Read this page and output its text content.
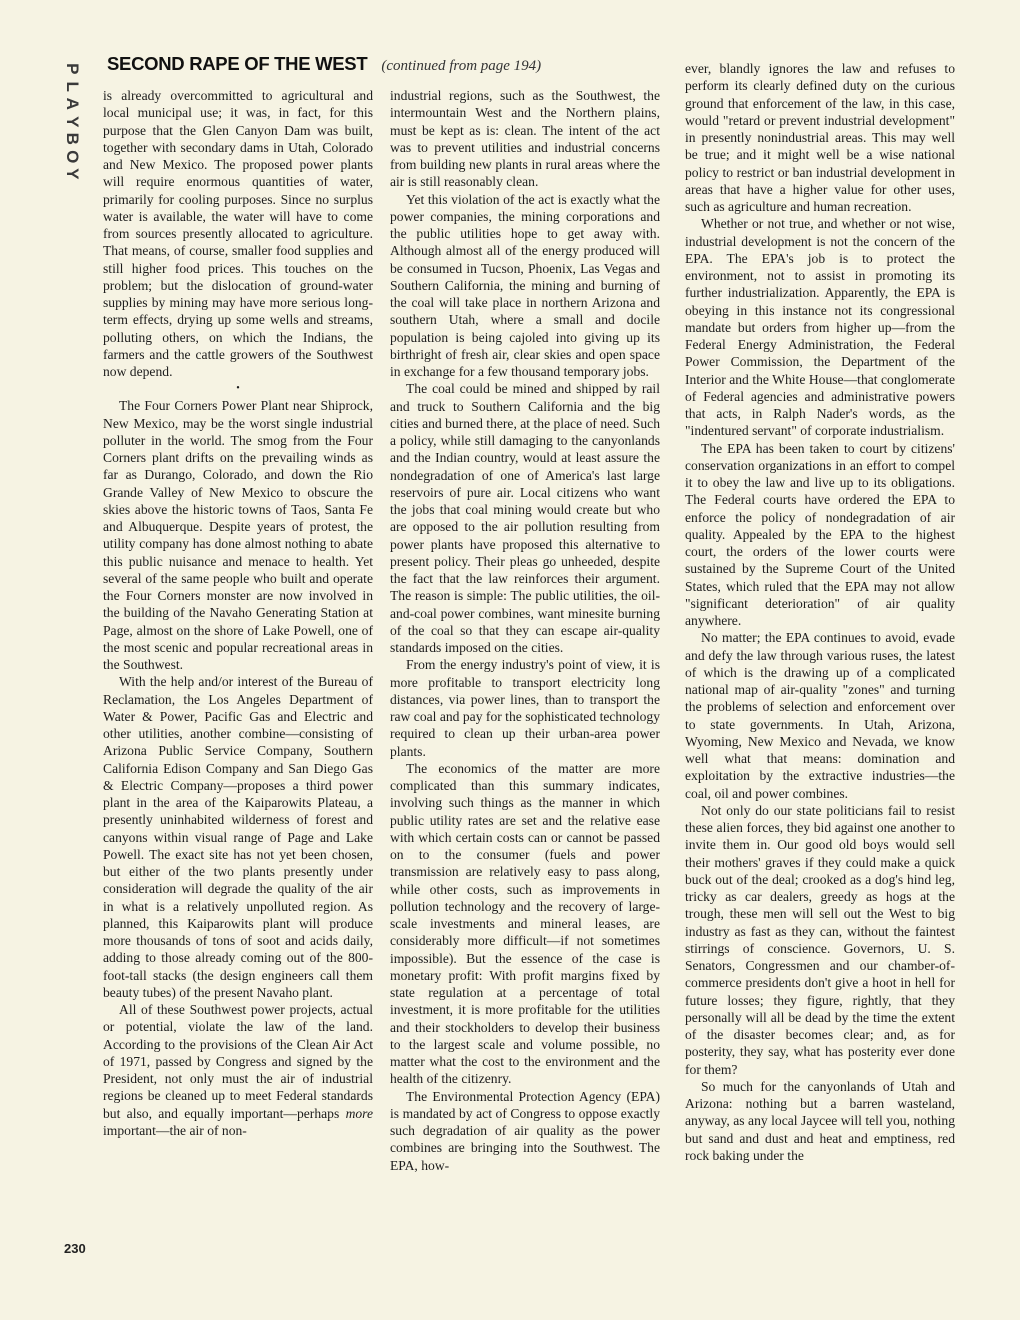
P
L
A
Y
B
O
Y
SECOND RAPE OF THE WEST (continued from page 194)

is already overcommitted to agricultural and local municipal use; it was, in fact, for this purpose that the Glen Canyon Dam was built, together with secondary dams in Utah, Colorado and New Mexico. The proposed power plants will require enormous quantities of water, primarily for cooling purposes. Since no surplus water is available, the water will have to come from sources presently allocated to agriculture. That means, of course, smaller food supplies and still higher food prices. This touches on the problem; but the dislocation of ground-water supplies by mining may have more serious long-term effects, drying up some wells and streams, polluting others, on which the Indians, the farmers and the cattle growers of the Southwest now depend.

•

The Four Corners Power Plant near Shiprock, New Mexico, may be the worst single industrial polluter in the world. The smog from the Four Corners plant drifts on the prevailing winds as far as Durango, Colorado, and down the Rio Grande Valley of New Mexico to obscure the skies above the historic towns of Taos, Santa Fe and Albuquerque. Despite years of protest, the utility company has done almost nothing to abate this public nuisance and menace to health. Yet several of the same people who built and operate the Four Corners monster are now involved in the building of the Navaho Generating Station at Page, almost on the shore of Lake Powell, one of the most scenic and popular recreational areas in the Southwest.

With the help and/or interest of the Bureau of Reclamation, the Los Angeles Department of Water & Power, Pacific Gas and Electric and other utilities, another combine—consisting of Arizona Public Service Company, Southern California Edison Company and San Diego Gas & Electric Company—proposes a third power plant in the area of the Kaiparowits Plateau, a presently uninhabited wilderness of forest and canyons within visual range of Page and Lake Powell. The exact site has not yet been chosen, but either of the two plants presently under consideration will degrade the quality of the air in what is a relatively unpolluted region. As planned, this Kaiparowits plant will produce more thousands of tons of soot and acids daily, adding to those already coming out of the 800-foot-tall stacks (the design engineers call them beauty tubes) of the present Navaho plant.

All of these Southwest power projects, actual or potential, violate the law of the land. According to the provisions of the Clean Air Act of 1971, passed by Congress and signed by the President, not only must the air of industrial regions be cleaned up to meet Federal standards but also, and equally important—perhaps more important—the air of non-

industrial regions, such as the Southwest, the intermountain West and the Northern plains, must be kept as is: clean. The intent of the act was to prevent utilities and industrial concerns from building new plants in rural areas where the air is still reasonably clean.

Yet this violation of the act is exactly what the power companies, the mining corporations and the public utilities hope to get away with. Although almost all of the energy produced will be consumed in Tucson, Phoenix, Las Vegas and Southern California, the mining and burning of the coal will take place in northern Arizona and southern Utah, where a small and docile population is being cajoled into giving up its birthright of fresh air, clear skies and open space in exchange for a few thousand temporary jobs.

The coal could be mined and shipped by rail and truck to Southern California and the big cities and burned there, at the place of need. Such a policy, while still damaging to the canyonlands and the Indian country, would at least assure the nondegradation of one of America's last large reservoirs of pure air. Local citizens who want the jobs that coal mining would create but who are opposed to the air pollution resulting from power plants have proposed this alternative to present policy. Their pleas go unheeded, despite the fact that the law reinforces their argument. The reason is simple: The public utilities, the oil-and-coal power combines, want minesite burning of the coal so that they can escape air-quality standards imposed on the cities.

From the energy industry's point of view, it is more profitable to transport electricity long distances, via power lines, than to transport the raw coal and pay for the sophisticated technology required to clean up their urban-area power plants.

The economics of the matter are more complicated than this summary indicates, involving such things as the manner in which public utility rates are set and the relative ease with which certain costs can or cannot be passed on to the consumer (fuels and power transmission are relatively easy to pass along, while other costs, such as improvements in pollution technology and the recovery of large-scale investments and mineral leases, are considerably more difficult—if not sometimes impossible). But the essence of the case is monetary profit: With profit margins fixed by state regulation at a percentage of total investment, it is more profitable for the utilities and their stockholders to develop their business to the largest scale and volume possible, no matter what the cost to the environment and the health of the citizenry.

The Environmental Protection Agency (EPA) is mandated by act of Congress to oppose exactly such degradation of air quality as the power combines are bringing into the Southwest. The EPA, how-

ever, blandly ignores the law and refuses to perform its clearly defined duty on the curious ground that enforcement of the law, in this case, would "retard or prevent industrial development" in presently nonindustrial areas. This may well be true; and it might well be a wise national policy to restrict or ban industrial development in areas that have a higher value for other uses, such as agriculture and human recreation.

Whether or not true, and whether or not wise, industrial development is not the concern of the EPA. The EPA's job is to protect the environment, not to assist in promoting its further industrialization. Apparently, the EPA is obeying in this instance not its congressional mandate but orders from higher up—from the Federal Energy Administration, the Federal Power Commission, the Department of the Interior and the White House—that conglomerate of Federal agencies and administrative powers that acts, in Ralph Nader's words, as the "indentured servant" of corporate industrialism.

The EPA has been taken to court by citizens' conservation organizations in an effort to compel it to obey the law and live up to its obligations. The Federal courts have ordered the EPA to enforce the policy of nondegradation of air quality. Appealed by the EPA to the highest court, the orders of the lower courts were sustained by the Supreme Court of the United States, which ruled that the EPA may not allow "significant deterioration" of air quality anywhere.

No matter; the EPA continues to avoid, evade and defy the law through various ruses, the latest of which is the drawing up of a complicated national map of air-quality "zones" and turning the problems of selection and enforcement over to state governments. In Utah, Arizona, Wyoming, New Mexico and Nevada, we know well what that means: domination and exploitation by the extractive industries—the coal, oil and power combines.

Not only do our state politicians fail to resist these alien forces, they bid against one another to invite them in. Our good old boys would sell their mothers' graves if they could make a quick buck out of the deal; crooked as a dog's hind leg, tricky as car dealers, greedy as hogs at the trough, these men will sell out the West to big industry as fast as they can, without the faintest stirrings of conscience. Governors, U. S. Senators, Congressmen and our chamber-of-commerce presidents don't give a hoot in hell for future losses; they figure, rightly, that they personally will all be dead by the time the extent of the disaster becomes clear; and, as for posterity, they say, what has posterity ever done for them?

So much for the canyonlands of Utah and Arizona: nothing but a barren wasteland, anyway, as any local Jaycee will tell you, nothing but sand and dust and heat and emptiness, red rock baking under the

230
